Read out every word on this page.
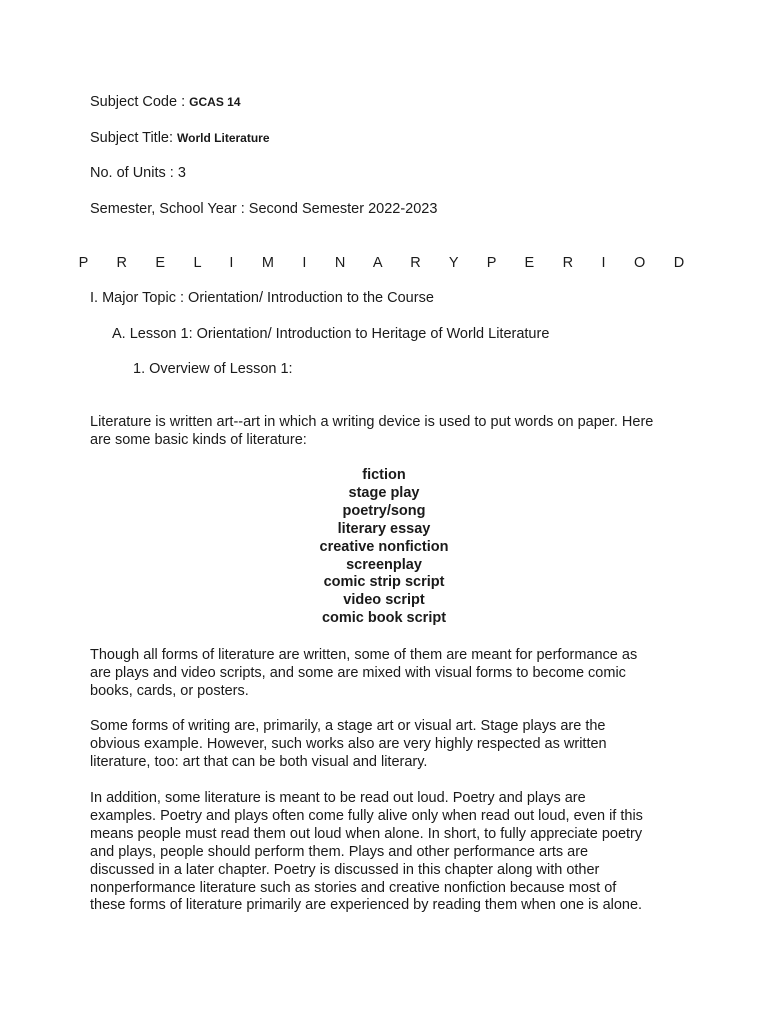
Subject Code : GCAS 14
Subject Title: World Literature
No. of Units : 3
Semester, School Year : Second Semester 2022-2023
P R E L I M I N A R Y P E R I O D
I. Major Topic : Orientation/ Introduction to the Course
A. Lesson 1: Orientation/ Introduction to Heritage of World Literature
1. Overview of Lesson 1:
Literature is written art--art in which a writing device is used to put words on paper. Here
are some basic kinds of literature:
fiction
stage play
poetry/song
literary essay
creative nonfiction
screenplay
comic strip script
video script
comic book script
Though all forms of literature are written, some of them are meant for performance as
are plays and video scripts, and some are mixed with visual forms to become comic
books, cards, or posters.
Some forms of writing are, primarily, a stage art or visual art. Stage plays are the
obvious example. However, such works also are very highly respected as written
literature, too: art that can be both visual and literary.
In addition, some literature is meant to be read out loud. Poetry and plays are
examples. Poetry and plays often come fully alive only when read out loud, even if this
means people must read them out loud when alone. In short, to fully appreciate poetry
and plays, people should perform them. Plays and other performance arts are
discussed in a later chapter. Poetry is discussed in this chapter along with other
nonperformance literature such as stories and creative nonfiction because most of
these forms of literature primarily are experienced by reading them when one is alone.
